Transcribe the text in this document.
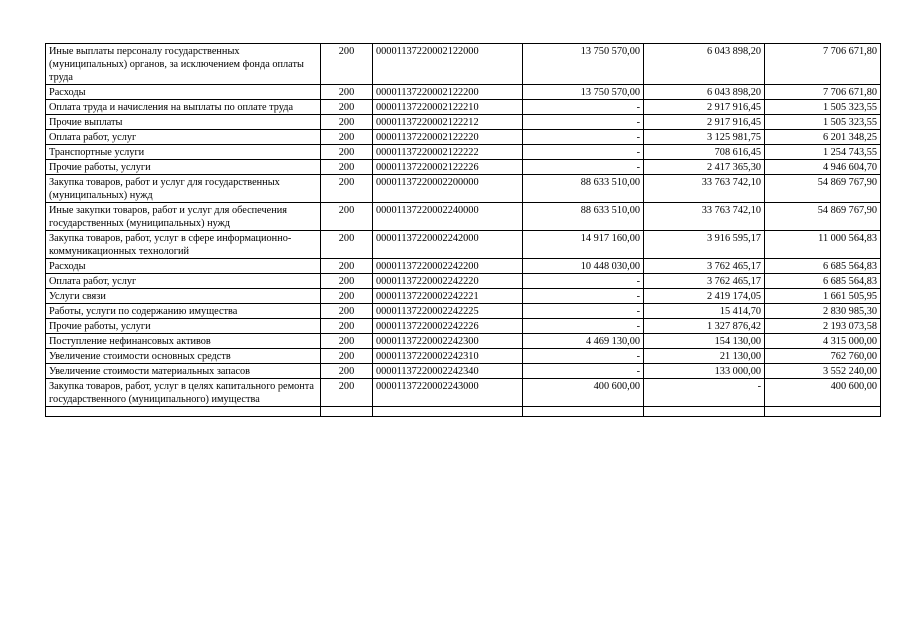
Иные выплаты персоналу государственных (муниципальных) органов, за исключением фонда оплаты труда	200	00001137220002122000	13 750 570,00	6 043 898,20	7 706 671,80
Расходы	200	00001137220002122200	13 750 570,00	6 043 898,20	7 706 671,80
Оплата труда и начисления на выплаты по оплате труда	200	00001137220002122210	-	2 917 916,45	1 505 323,55
Прочие выплаты	200	00001137220002122212	-	2 917 916,45	1 505 323,55
Оплата работ, услуг	200	00001137220002122220	-	3 125 981,75	6 201 348,25
Транспортные услуги	200	00001137220002122222	-	708 616,45	1 254 743,55
Прочие работы, услуги	200	00001137220002122226	-	2 417 365,30	4 946 604,70
Закупка товаров, работ и услуг для государственных (муниципальных) нужд	200	00001137220002200000	88 633 510,00	33 763 742,10	54 869 767,90
Иные закупки товаров, работ и услуг для обеспечения государственных (муниципальных) нужд	200	00001137220002240000	88 633 510,00	33 763 742,10	54 869 767,90
Закупка товаров, работ, услуг в сфере информационно-коммуникационных технологий	200	00001137220002242000	14 917 160,00	3 916 595,17	11 000 564,83
Расходы	200	00001137220002242200	10 448 030,00	3 762 465,17	6 685 564,83
Оплата работ, услуг	200	00001137220002242220	-	3 762 465,17	6 685 564,83
Услуги связи	200	00001137220002242221	-	2 419 174,05	1 661 505,95
Работы, услуги по содержанию имущества	200	00001137220002242225	-	15 414,70	2 830 985,30
Прочие работы, услуги	200	00001137220002242226	-	1 327 876,42	2 193 073,58
Поступление нефинансовых активов	200	00001137220002242300	4 469 130,00	154 130,00	4 315 000,00
Увеличение стоимости основных средств	200	00001137220002242310	-	21 130,00	762 760,00
Увеличение стоимости материальных запасов	200	00001137220002242340	-	133 000,00	3 552 240,00
Закупка товаров, работ, услуг в целях капитального ремонта государственного (муниципального) имущества	200	00001137220002243000	400 600,00	-	400 600,00
